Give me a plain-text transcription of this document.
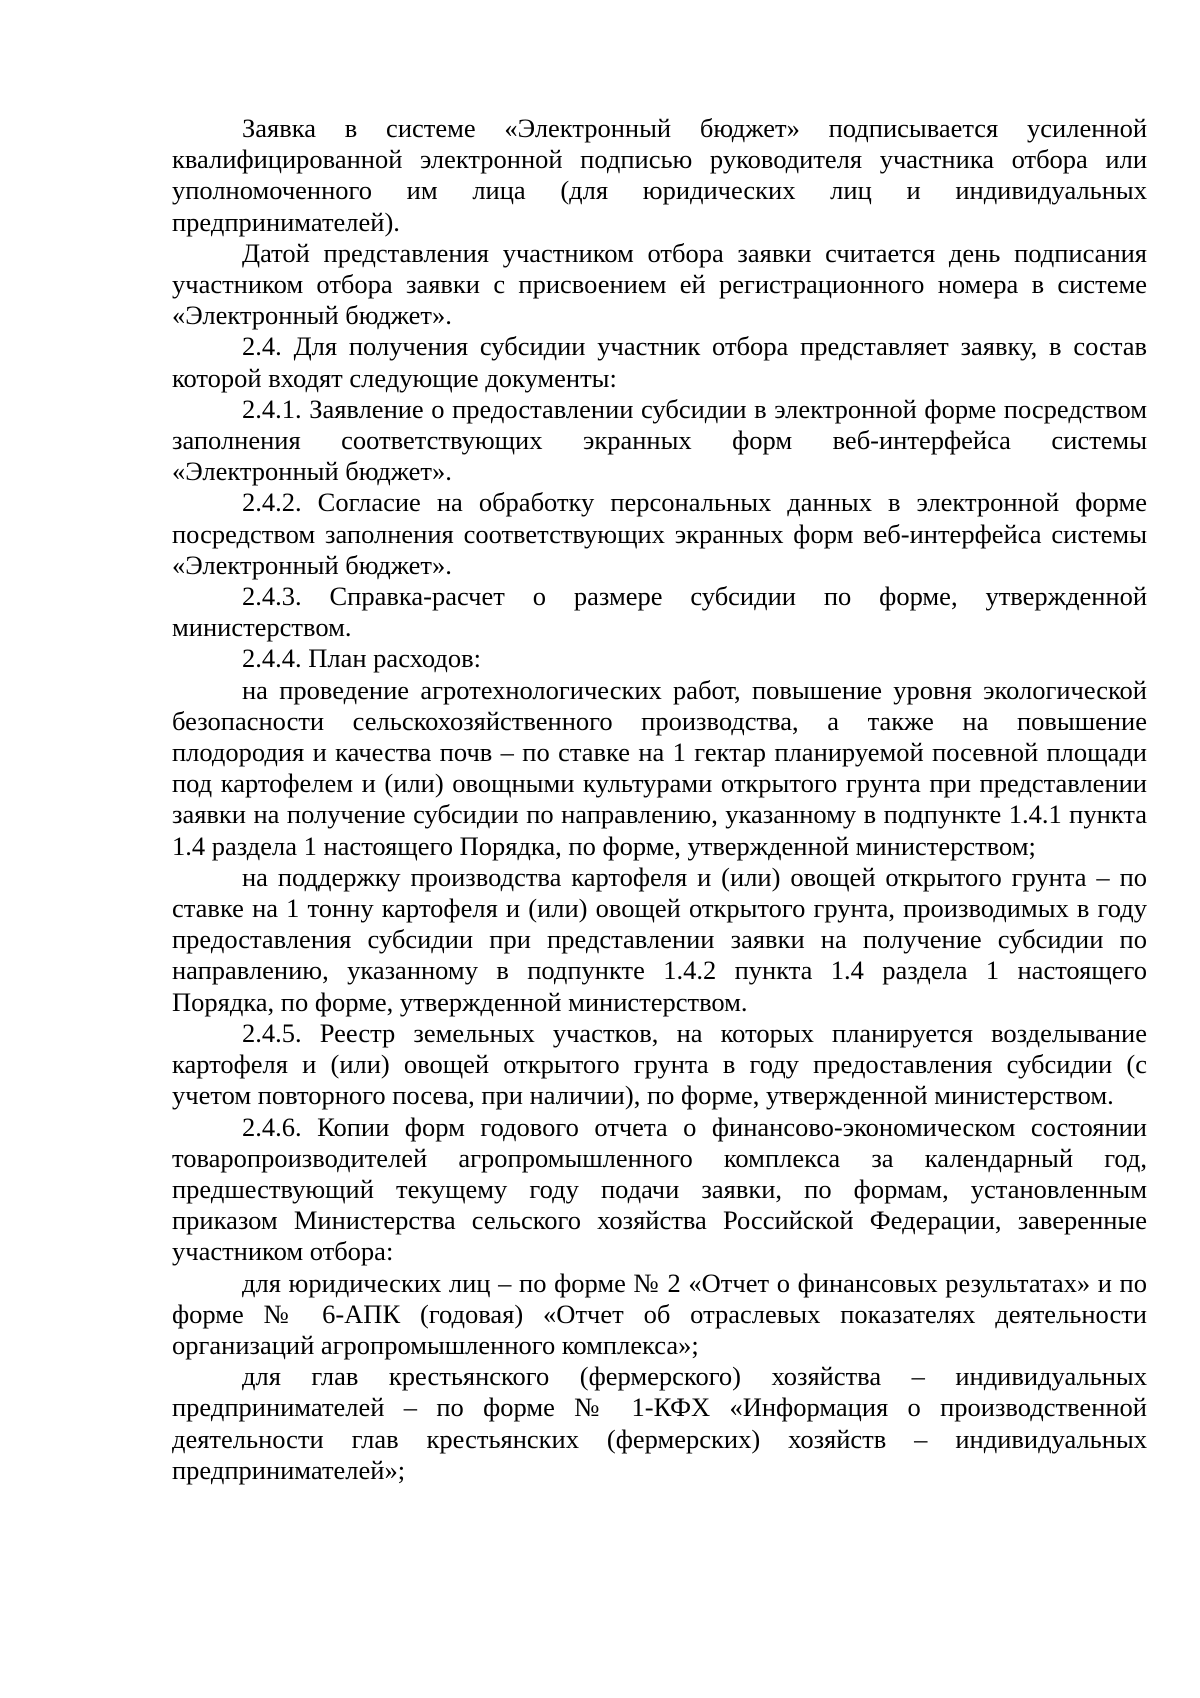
Заявка в системе «Электронный бюджет» подписывается усиленной квалифицированной электронной подписью руководителя участника отбора или уполномоченного им лица (для юридических лиц и индивидуальных предпринимателей).

Датой представления участником отбора заявки считается день подписания участником отбора заявки с присвоением ей регистрационного номера в системе «Электронный бюджет».

2.4. Для получения субсидии участник отбора представляет заявку, в состав которой входят следующие документы:

2.4.1. Заявление о предоставлении субсидии в электронной форме посредством заполнения соответствующих экранных форм веб-интерфейса системы «Электронный бюджет».

2.4.2. Согласие на обработку персональных данных в электронной форме посредством заполнения соответствующих экранных форм веб-интерфейса системы «Электронный бюджет».

2.4.3. Справка-расчет о размере субсидии по форме, утвержденной министерством.

2.4.4. План расходов:

на проведение агротехнологических работ, повышение уровня экологической безопасности сельскохозяйственного производства, а также на повышение плодородия и качества почв – по ставке на 1 гектар планируемой посевной площади под картофелем и (или) овощными культурами открытого грунта при представлении заявки на получение субсидии по направлению, указанному в подпункте 1.4.1 пункта 1.4 раздела 1 настоящего Порядка, по форме, утвержденной министерством;

на поддержку производства картофеля и (или) овощей открытого грунта – по ставке на 1 тонну картофеля и (или) овощей открытого грунта, производимых в году предоставления субсидии при представлении заявки на получение субсидии по направлению, указанному в подпункте 1.4.2 пункта 1.4 раздела 1 настоящего Порядка, по форме, утвержденной министерством.

2.4.5. Реестр земельных участков, на которых планируется возделывание картофеля и (или) овощей открытого грунта в году предоставления субсидии (с учетом повторного посева, при наличии), по форме, утвержденной министерством.

2.4.6. Копии форм годового отчета о финансово-экономическом состоянии товаропроизводителей агропромышленного комплекса за календарный год, предшествующий текущему году подачи заявки, по формам, установленным приказом Министерства сельского хозяйства Российской Федерации, заверенные участником отбора:

для юридических лиц – по форме № 2 «Отчет о финансовых результатах» и по форме № 6-АПК (годовая) «Отчет об отраслевых показателях деятельности организаций агропромышленного комплекса»;

для глав крестьянского (фермерского) хозяйства – индивидуальных предпринимателей – по форме № 1-КФХ «Информация о производственной деятельности глав крестьянских (фермерских) хозяйств – индивидуальных предпринимателей»;
